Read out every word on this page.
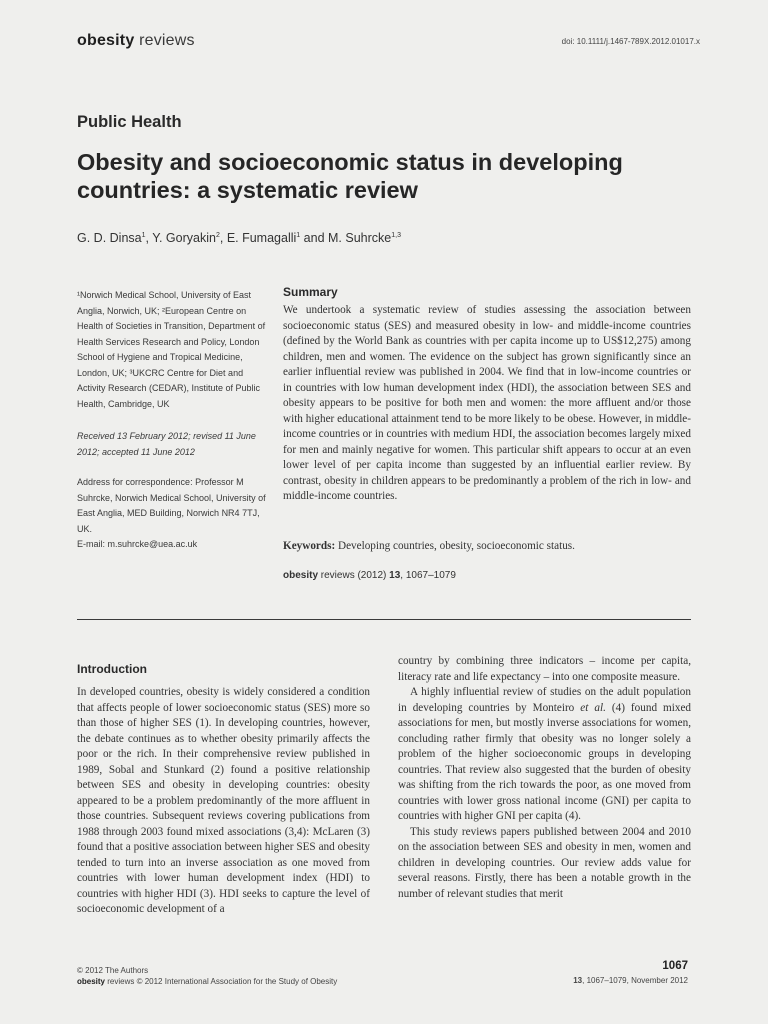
obesity reviews	doi: 10.1111/j.1467-789X.2012.01017.x
Public Health
Obesity and socioeconomic status in developing countries: a systematic review
G. D. Dinsa$^1$, Y. Goryakin$^2$, E. Fumagalli$^1$ and M. Suhrcke$^{1,3}$
¹Norwich Medical School, University of East Anglia, Norwich, UK; ²European Centre on Health of Societies in Transition, Department of Health Services Research and Policy, London School of Hygiene and Tropical Medicine, London, UK; ³UKCRC Centre for Diet and Activity Research (CEDAR), Institute of Public Health, Cambridge, UK
Received 13 February 2012; revised 11 June 2012; accepted 11 June 2012
Address for correspondence: Professor M Suhrcke, Norwich Medical School, University of East Anglia, MED Building, Norwich NR4 7TJ, UK.
E-mail: m.suhrcke@uea.ac.uk
Summary
We undertook a systematic review of studies assessing the association between socioeconomic status (SES) and measured obesity in low- and middle-income countries (defined by the World Bank as countries with per capita income up to US$12,275) among children, men and women. The evidence on the subject has grown significantly since an earlier influential review was published in 2004. We find that in low-income countries or in countries with low human development index (HDI), the association between SES and obesity appears to be positive for both men and women: the more affluent and/or those with higher educational attainment tend to be more likely to be obese. However, in middle-income countries or in countries with medium HDI, the association becomes largely mixed for men and mainly negative for women. This particular shift appears to occur at an even lower level of per capita income than suggested by an influential earlier review. By contrast, obesity in children appears to be predominantly a problem of the rich in low- and middle-income countries.
Keywords: Developing countries, obesity, socioeconomic status.
obesity reviews (2012) 13, 1067–1079
Introduction

In developed countries, obesity is widely considered a condition that affects people of lower socioeconomic status (SES) more so than those of higher SES (1). In developing countries, however, the debate continues as to whether obesity primarily affects the poor or the rich. In their comprehensive review published in 1989, Sobal and Stunkard (2) found a positive relationship between SES and obesity in developing countries: obesity appeared to be a problem predominantly of the more affluent in those countries. Subsequent reviews covering publications from 1988 through 2003 found mixed associations (3,4): McLaren (3) found that a positive association between higher SES and obesity tended to turn into an inverse association as one moved from countries with lower human development index (HDI) to countries with higher HDI (3). HDI seeks to capture the level of socioeconomic development of a

country by combining three indicators – income per capita, literacy rate and life expectancy – into one composite measure.

A highly influential review of studies on the adult population in developing countries by Monteiro et al. (4) found mixed associations for men, but mostly inverse associations for women, concluding rather firmly that obesity was no longer solely a problem of the higher socioeconomic groups in developing countries. That review also suggested that the burden of obesity was shifting from the rich towards the poor, as one moved from countries with lower gross national income (GNI) per capita to countries with higher GNI per capita (4).

This study reviews papers published between 2004 and 2010 on the association between SES and obesity in men, women and children in developing countries. Our review adds value for several reasons. Firstly, there has been a notable growth in the number of relevant studies that merit

© 2012 The Authors
obesity reviews © 2012 International Association for the Study of Obesity
1067
13, 1067–1079, November 2012
